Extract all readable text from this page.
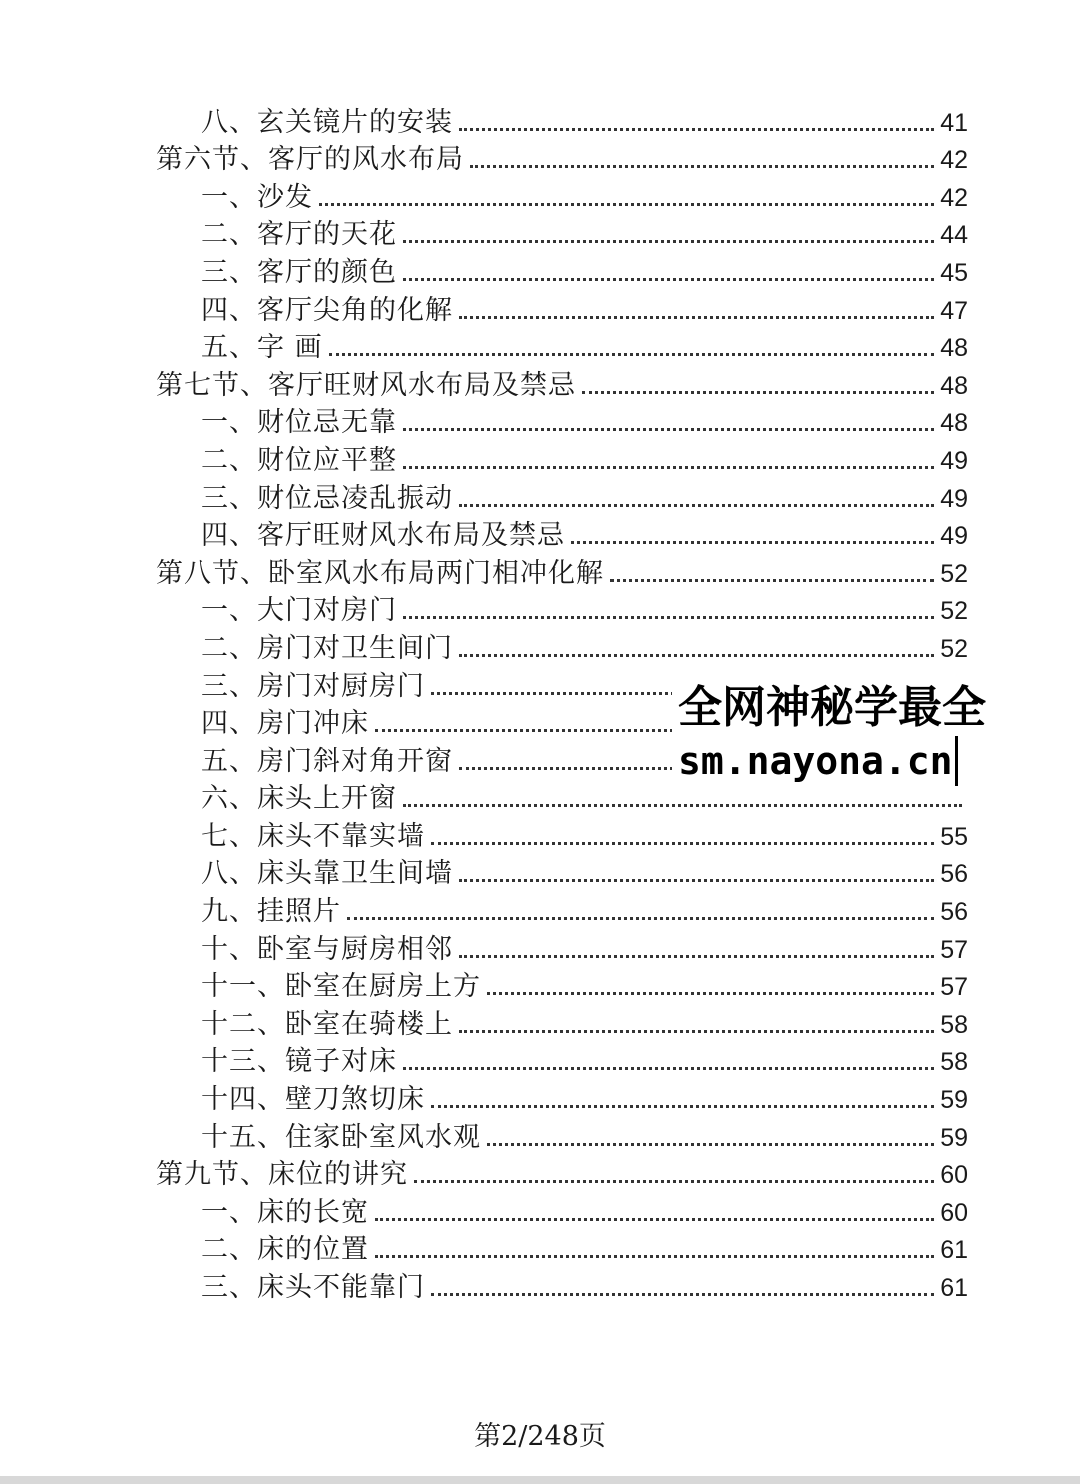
八、玄关镜片的安装	41
第六节、客厅的风水布局	42
一、沙发	42
二、客厅的天花	44
三、客厅的颜色	45
四、客厅尖角的化解	47
五、字 画	48
第七节、客厅旺财风水布局及禁忌	48
一、财位忌无靠	48
二、财位应平整	49
三、财位忌凌乱振动	49
四、客厅旺财风水布局及禁忌	49
第八节、卧室风水布局两门相冲化解	52
一、大门对房门	52
二、房门对卫生间门	52
三、房门对厨房门
四、房门冲床
五、房门斜对角开窗
六、床头上开窗
七、床头不靠实墙	55
八、床头靠卫生间墙	56
九、挂照片	56
十、卧室与厨房相邻	57
十一、卧室在厨房上方	57
十二、卧室在骑楼上	58
十三、镜子对床	58
十四、壁刀煞切床	59
十五、住家卧室风水观	59
第九节、床位的讲究	60
一、床的长宽	60
二、床的位置	61
三、床头不能靠门	61
全网神秘学最全
sm.nayona.cn
第2/248页
